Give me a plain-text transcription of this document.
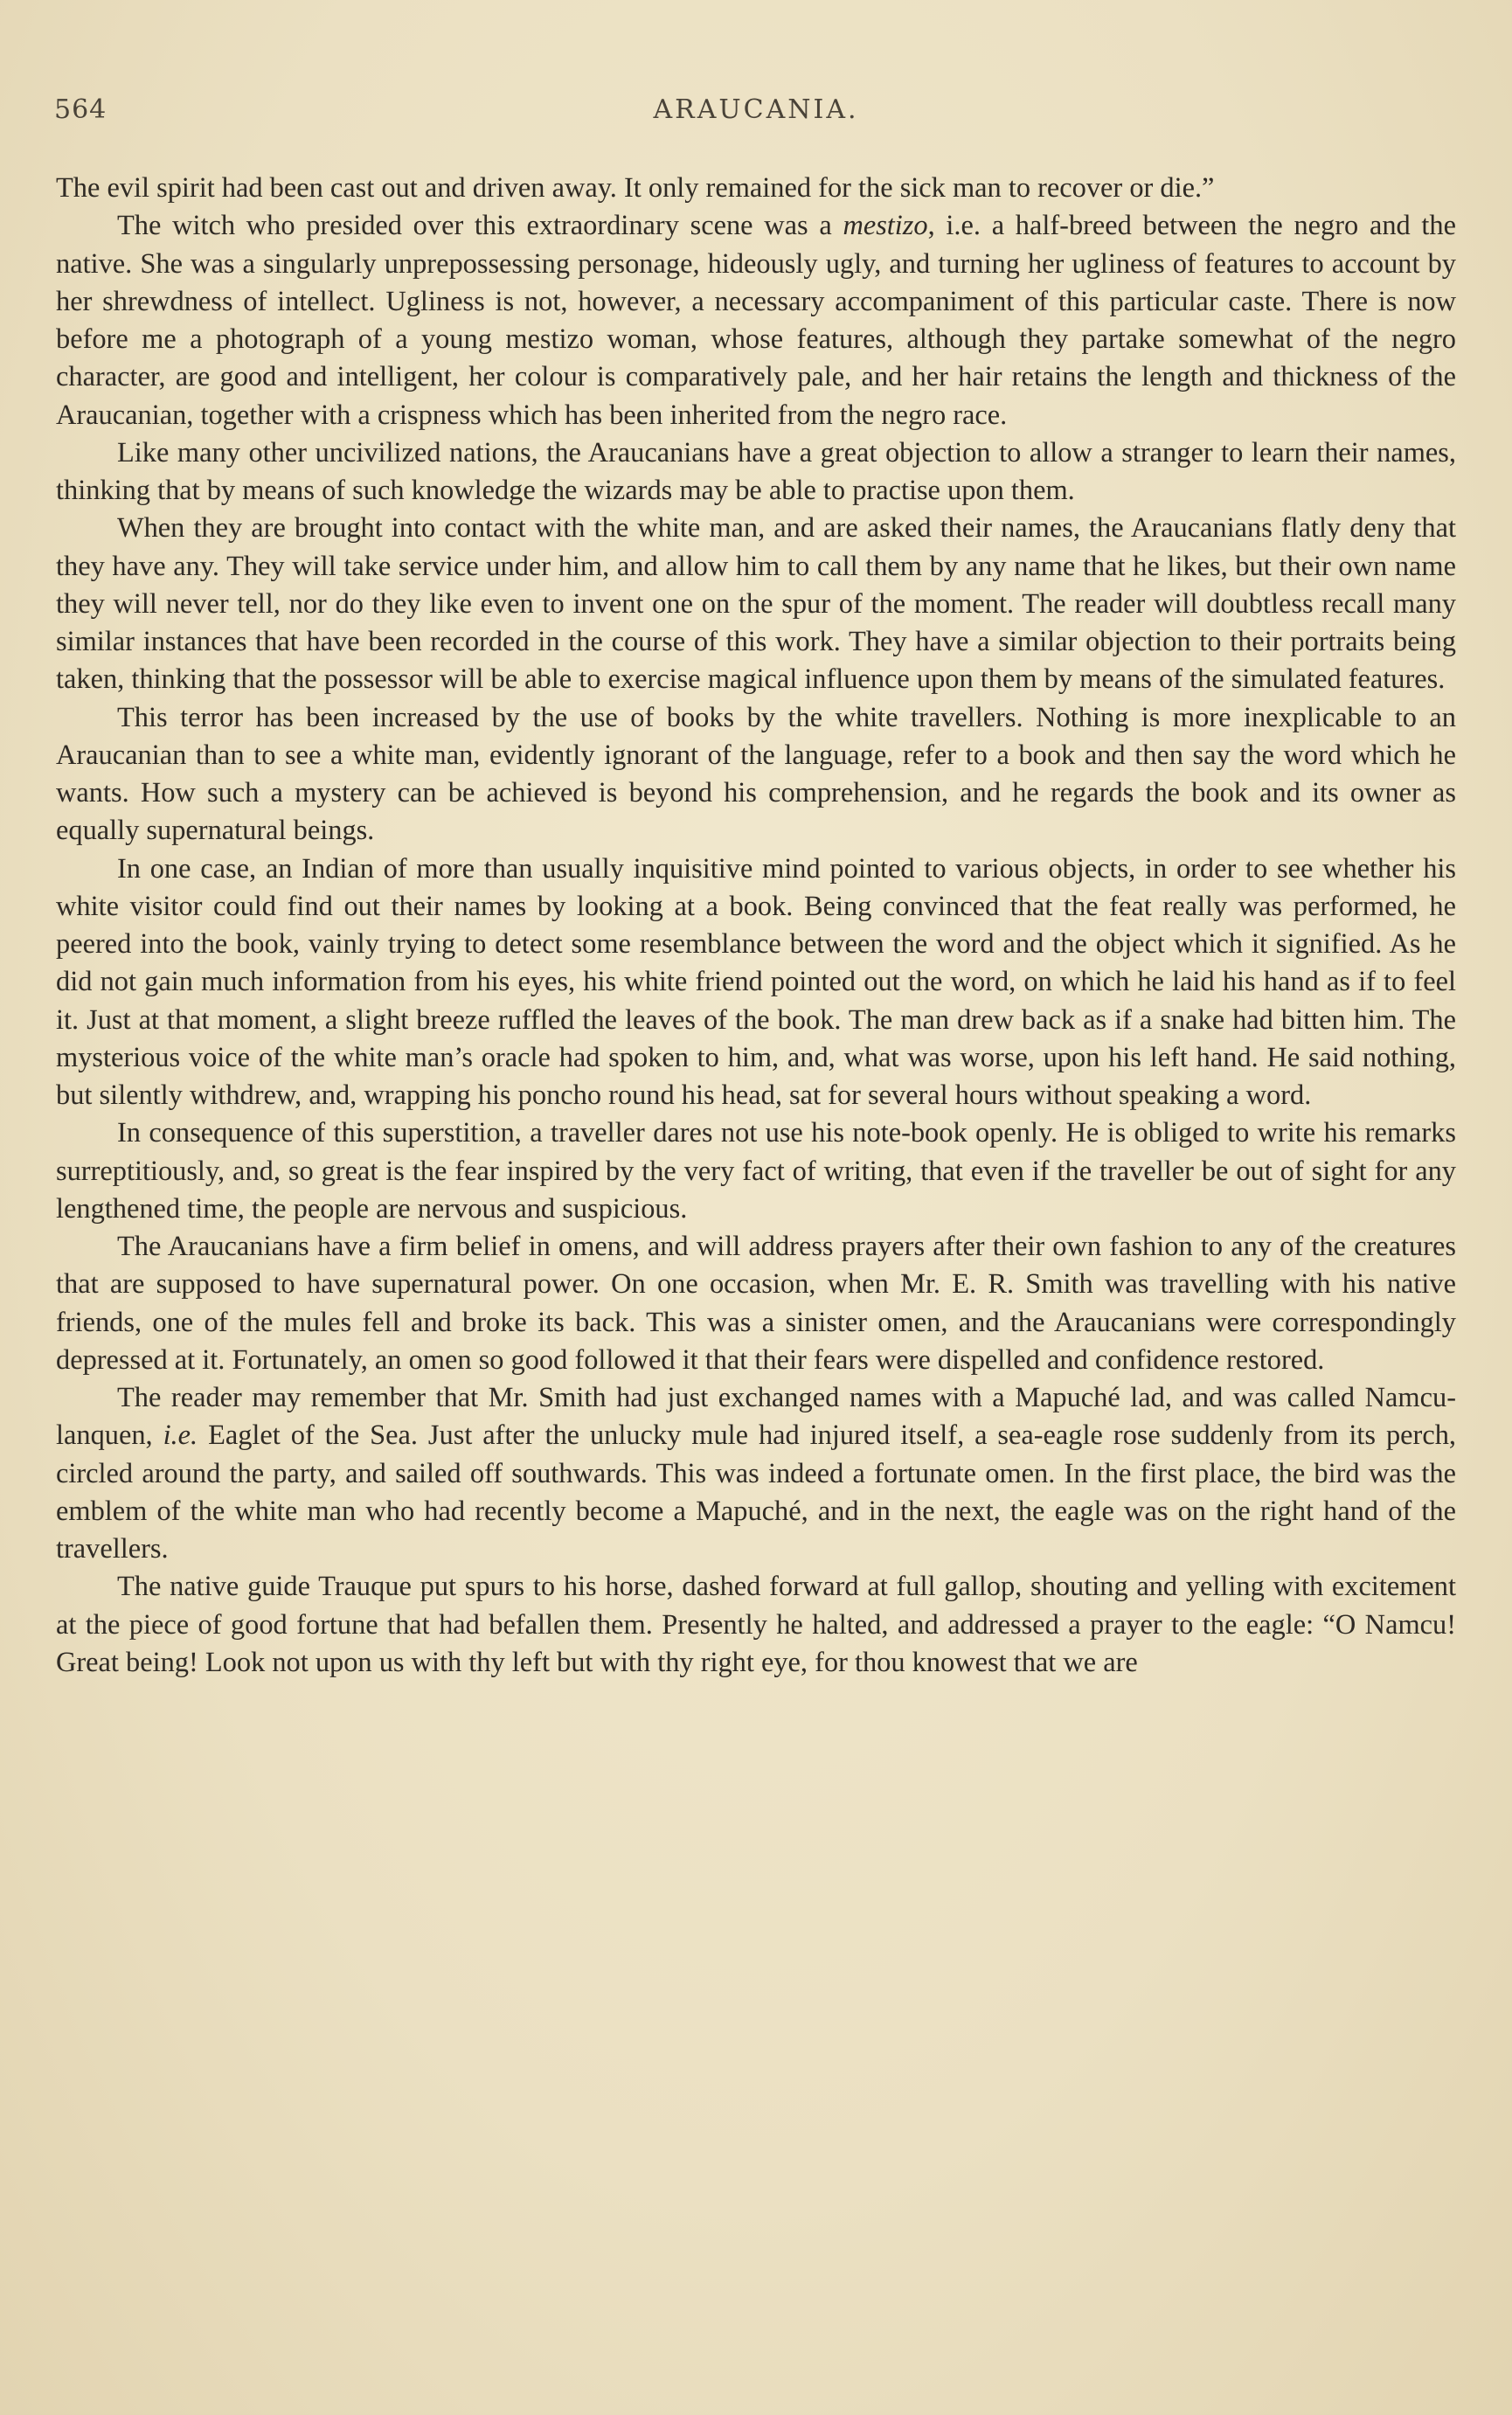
564	ARAUCANIA.

The evil spirit had been cast out and driven away. It only remained for the sick man to recover or die.”

The witch who presided over this extraordinary scene was a mestizo, i.e. a half-breed between the negro and the native. She was a singularly unprepossessing personage, hideously ugly, and turning her ugliness of features to account by her shrewdness of intellect. Ugliness is not, however, a necessary accompaniment of this particular caste. There is now before me a photograph of a young mestizo woman, whose features, although they partake somewhat of the negro character, are good and intelligent, her colour is comparatively pale, and her hair retains the length and thickness of the Araucanian, together with a crispness which has been inherited from the negro race.

Like many other uncivilized nations, the Araucanians have a great objection to allow a stranger to learn their names, thinking that by means of such knowledge the wizards may be able to practise upon them.

When they are brought into contact with the white man, and are asked their names, the Araucanians flatly deny that they have any. They will take service under him, and allow him to call them by any name that he likes, but their own name they will never tell, nor do they like even to invent one on the spur of the moment. The reader will doubtless recall many similar instances that have been recorded in the course of this work. They have a similar objection to their portraits being taken, thinking that the possessor will be able to exercise magical influence upon them by means of the simulated features.

This terror has been increased by the use of books by the white travellers. Nothing is more inexplicable to an Araucanian than to see a white man, evidently ignorant of the language, refer to a book and then say the word which he wants. How such a mystery can be achieved is beyond his comprehension, and he regards the book and its owner as equally supernatural beings.

In one case, an Indian of more than usually inquisitive mind pointed to various objects, in order to see whether his white visitor could find out their names by looking at a book. Being convinced that the feat really was performed, he peered into the book, vainly trying to detect some resemblance between the word and the object which it signified. As he did not gain much information from his eyes, his white friend pointed out the word, on which he laid his hand as if to feel it. Just at that moment, a slight breeze ruffled the leaves of the book. The man drew back as if a snake had bitten him. The mysterious voice of the white man’s oracle had spoken to him, and, what was worse, upon his left hand. He said nothing, but silently withdrew, and, wrapping his poncho round his head, sat for several hours without speaking a word.

In consequence of this superstition, a traveller dares not use his note-book openly. He is obliged to write his remarks surreptitiously, and, so great is the fear inspired by the very fact of writing, that even if the traveller be out of sight for any lengthened time, the people are nervous and suspicious.

The Araucanians have a firm belief in omens, and will address prayers after their own fashion to any of the creatures that are supposed to have supernatural power. On one occasion, when Mr. E. R. Smith was travelling with his native friends, one of the mules fell and broke its back. This was a sinister omen, and the Araucanians were correspondingly depressed at it. Fortunately, an omen so good followed it that their fears were dispelled and confidence restored.

The reader may remember that Mr. Smith had just exchanged names with a Mapuché lad, and was called Namcu-lanquen, i.e. Eaglet of the Sea. Just after the unlucky mule had injured itself, a sea-eagle rose suddenly from its perch, circled around the party, and sailed off southwards. This was indeed a fortunate omen. In the first place, the bird was the emblem of the white man who had recently become a Mapuché, and in the next, the eagle was on the right hand of the travellers.

The native guide Trauque put spurs to his horse, dashed forward at full gallop, shouting and yelling with excitement at the piece of good fortune that had befallen them. Presently he halted, and addressed a prayer to the eagle: “O Namcu! Great being! Look not upon us with thy left but with thy right eye, for thou knowest that we are
